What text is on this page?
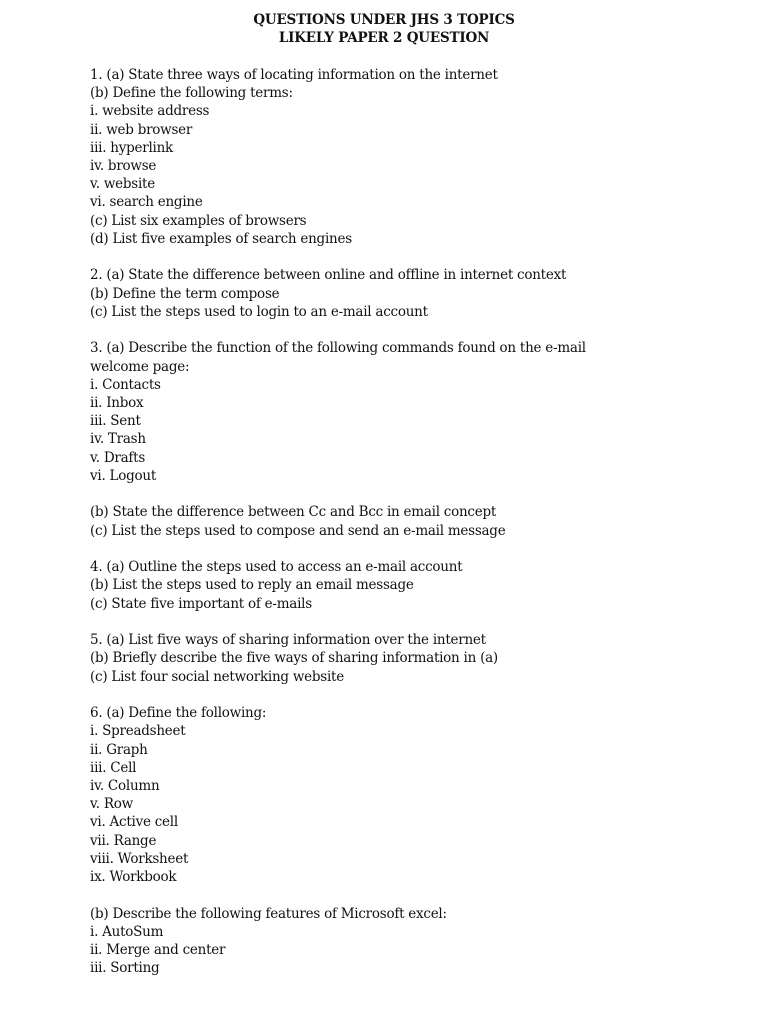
QUESTIONS UNDER JHS 3 TOPICS
LIKELY PAPER 2 QUESTION
1. (a) State three ways of locating information on the internet
(b) Define the following terms:
i. website address
ii. web browser
iii. hyperlink
iv. browse
v. website
vi. search engine
(c) List six examples of browsers
(d) List five examples of search engines
2. (a) State the difference between online and offline in internet context
(b) Define the term compose
(c) List the steps used to login to an e-mail account
3. (a) Describe the function of the following commands found on the e-mail
welcome page:
i. Contacts
ii. Inbox
iii. Sent
iv. Trash
v. Drafts
vi. Logout
(b) State the difference between Cc and Bcc in email concept
(c) List the steps used to compose and send an e-mail message
4. (a) Outline the steps used to access an e-mail account
(b) List the steps used to reply an email message
(c) State five important of e-mails
5. (a) List five ways of sharing information over the internet
(b) Briefly describe the five ways of sharing information in (a)
(c) List four social networking website
6. (a) Define the following:
i. Spreadsheet
ii. Graph
iii. Cell
iv. Column
v. Row
vi. Active cell
vii. Range
viii. Worksheet
ix. Workbook
(b) Describe the following features of Microsoft excel:
i. AutoSum
ii. Merge and center
iii. Sorting
